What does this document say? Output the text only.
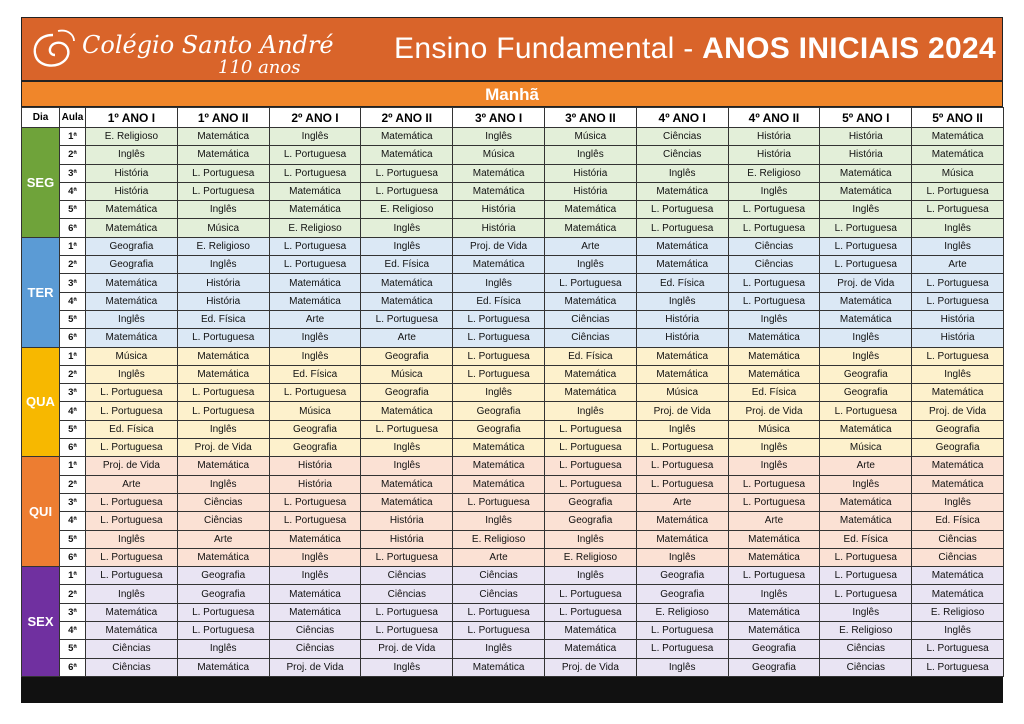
Colégio Santo André
110 anos
Ensino Fundamental - ANOS INICIAIS 2024
Manhã
Dia	Aula	1º ANO I	1º ANO II	2º ANO I	2º ANO II	3º ANO I	3º ANO II	4º ANO I	4º ANO II	5º ANO I	5º ANO II
SEG	1ª	E. Religioso	Matemática	Inglês	Matemática	Inglês	Música	Ciências	História	História	Matemática
	2ª	Inglês	Matemática	L. Portuguesa	Matemática	Música	Inglês	Ciências	História	História	Matemática
	3ª	História	L. Portuguesa	L. Portuguesa	L. Portuguesa	Matemática	História	Inglês	E. Religioso	Matemática	Música
	4ª	História	L. Portuguesa	Matemática	L. Portuguesa	Matemática	História	Matemática	Inglês	Matemática	L. Portuguesa
	5ª	Matemática	Inglês	Matemática	E. Religioso	História	Matemática	L. Portuguesa	L. Portuguesa	Inglês	L. Portuguesa
	6ª	Matemática	Música	E. Religioso	Inglês	História	Matemática	L. Portuguesa	L. Portuguesa	L. Portuguesa	Inglês
TER	1ª	Geografia	E. Religioso	L. Portuguesa	Inglês	Proj. de Vida	Arte	Matemática	Ciências	L. Portuguesa	Inglês
	2ª	Geografia	Inglês	L. Portuguesa	Ed. Física	Matemática	Inglês	Matemática	Ciências	L. Portuguesa	Arte
	3ª	Matemática	História	Matemática	Matemática	Inglês	L. Portuguesa	Ed. Física	L. Portuguesa	Proj. de Vida	L. Portuguesa
	4ª	Matemática	História	Matemática	Matemática	Ed. Física	Matemática	Inglês	L. Portuguesa	Matemática	L. Portuguesa
	5ª	Inglês	Ed. Física	Arte	L. Portuguesa	L. Portuguesa	Ciências	História	Inglês	Matemática	História
	6ª	Matemática	L. Portuguesa	Inglês	Arte	L. Portuguesa	Ciências	História	Matemática	Inglês	História
QUA	1ª	Música	Matemática	Inglês	Geografia	L. Portuguesa	Ed. Física	Matemática	Matemática	Inglês	L. Portuguesa
	2ª	Inglês	Matemática	Ed. Física	Música	L. Portuguesa	Matemática	Matemática	Matemática	Geografia	Inglês
	3ª	L. Portuguesa	L. Portuguesa	L. Portuguesa	Geografia	Inglês	Matemática	Música	Ed. Física	Geografia	Matemática
	4ª	L. Portuguesa	L. Portuguesa	Música	Matemática	Geografia	Inglês	Proj. de Vida	Proj. de Vida	L. Portuguesa	Proj. de Vida
	5ª	Ed. Física	Inglês	Geografia	L. Portuguesa	Geografia	L. Portuguesa	Inglês	Música	Matemática	Geografia
	6ª	L. Portuguesa	Proj. de Vida	Geografia	Inglês	Matemática	L. Portuguesa	L. Portuguesa	Inglês	Música	Geografia
QUI	1ª	Proj. de Vida	Matemática	História	Inglês	Matemática	L. Portuguesa	L. Portuguesa	Inglês	Arte	Matemática
	2ª	Arte	Inglês	História	Matemática	Matemática	L. Portuguesa	L. Portuguesa	L. Portuguesa	Inglês	Matemática
	3ª	L. Portuguesa	Ciências	L. Portuguesa	Matemática	L. Portuguesa	Geografia	Arte	L. Portuguesa	Matemática	Inglês
	4ª	L. Portuguesa	Ciências	L. Portuguesa	História	Inglês	Geografia	Matemática	Arte	Matemática	Ed. Física
	5ª	Inglês	Arte	Matemática	História	E. Religioso	Inglês	Matemática	Matemática	Ed. Física	Ciências
	6ª	L. Portuguesa	Matemática	Inglês	L. Portuguesa	Arte	E. Religioso	Inglês	Matemática	L. Portuguesa	Ciências
SEX	1ª	L. Portuguesa	Geografia	Inglês	Ciências	Ciências	Inglês	Geografia	L. Portuguesa	L. Portuguesa	Matemática
	2ª	Inglês	Geografia	Matemática	Ciências	Ciências	L. Portuguesa	Geografia	Inglês	L. Portuguesa	Matemática
	3ª	Matemática	L. Portuguesa	Matemática	L. Portuguesa	L. Portuguesa	L. Portuguesa	E. Religioso	Matemática	Inglês	E. Religioso
	4ª	Matemática	L. Portuguesa	Ciências	L. Portuguesa	L. Portuguesa	Matemática	L. Portuguesa	Matemática	E. Religioso	Inglês
	5ª	Ciências	Inglês	Ciências	Proj. de Vida	Inglês	Matemática	L. Portuguesa	Geografia	Ciências	L. Portuguesa
	6ª	Ciências	Matemática	Proj. de Vida	Inglês	Matemática	Proj. de Vida	Inglês	Geografia	Ciências	L. Portuguesa
